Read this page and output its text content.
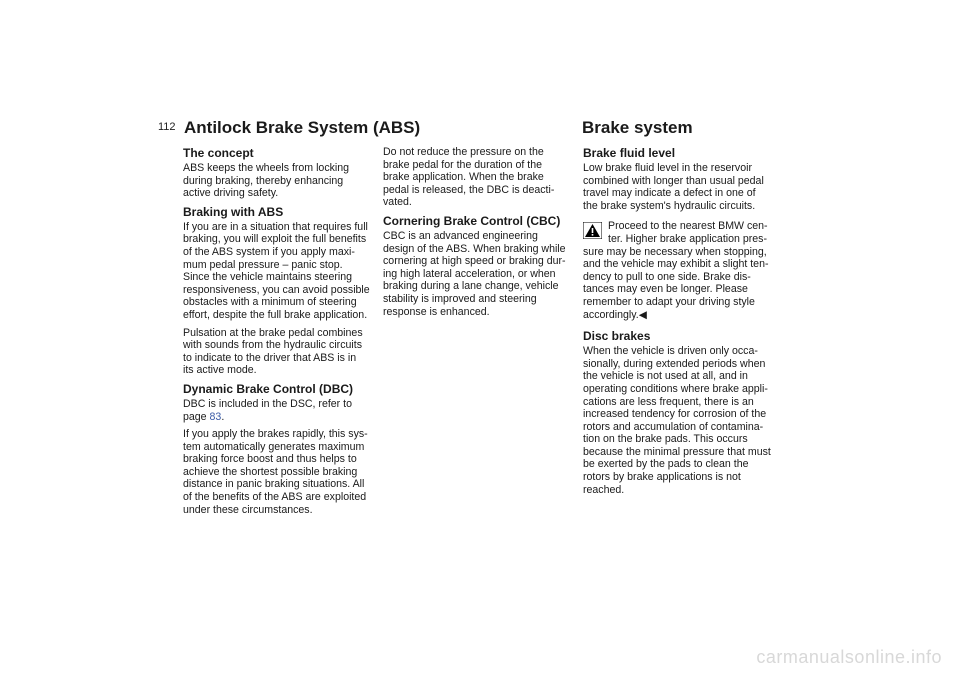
112 Antilock Brake System (ABS)	Brake system
The concept

ABS keeps the wheels from locking
during braking, thereby enhancing
active driving safety.

Braking with ABS

If you are in a situation that requires full
braking, you will exploit the full benefits
of the ABS system if you apply maxi-
mum pedal pressure – panic stop.
Since the vehicle maintains steering
responsiveness, you can avoid possible
obstacles with a minimum of steering
effort, despite the full brake application.

Pulsation at the brake pedal combines
with sounds from the hydraulic circuits
to indicate to the driver that ABS is in
its active mode.

Dynamic Brake Control (DBC)

DBC is included in the DSC, refer to
page 83.

If you apply the brakes rapidly, this sys-
tem automatically generates maximum
braking force boost and thus helps to
achieve the shortest possible braking
distance in panic braking situations. All
of the benefits of the ABS are exploited
under these circumstances.

Do not reduce the pressure on the
brake pedal for the duration of the
brake application. When the brake
pedal is released, the DBC is deacti-
vated.

Cornering Brake Control (CBC)

CBC is an advanced engineering
design of the ABS. When braking while
cornering at high speed or braking dur-
ing high lateral acceleration, or when
braking during a lane change, vehicle
stability is improved and steering
response is enhanced.

Brake fluid level

Low brake fluid level in the reservoir
combined with longer than usual pedal
travel may indicate a defect in one of
the brake system's hydraulic circuits.

Proceed to the nearest BMW cen-
ter. Higher brake application pres-
sure may be necessary when stopping,
and the vehicle may exhibit a slight ten-
dency to pull to one side. Brake dis-
tances may even be longer. Please
remember to adapt your driving style
accordingly.◀

Disc brakes

When the vehicle is driven only occa-
sionally, during extended periods when
the vehicle is not used at all, and in
operating conditions where brake appli-
cations are less frequent, there is an
increased tendency for corrosion of the
rotors and accumulation of contamina-
tion on the brake pads. This occurs
because the minimal pressure that must
be exerted by the pads to clean the
rotors by brake applications is not
reached.

carmanualsonline.info
